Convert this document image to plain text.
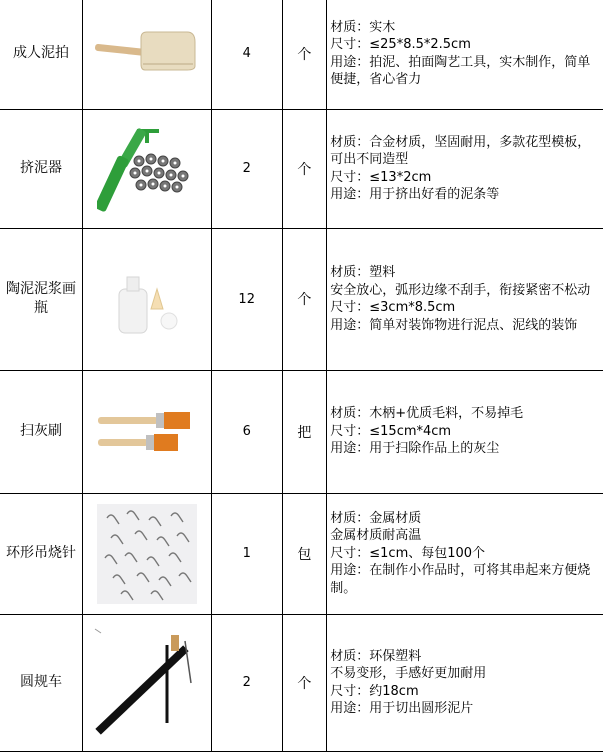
成人泥拍		4	个	材质：实木
尺寸：≤25*8.5*2.5cm
用途：拍泥、拍面陶艺工具，实木制作，简单便捷，省心省力

挤泥器		2	个	材质：合金材质，坚固耐用，多款花型模板，可出不同造型
尺寸：≤13*2cm
用途：用于挤出好看的泥条等

陶泥泥浆画瓶		12	个	材质：塑料
安全放心，弧形边缘不刮手，衔接紧密不松动
尺寸：≤3cm*8.5cm
用途：简单对装饰物进行泥点、泥线的装饰

扫灰刷		6	把	材质：木柄+优质毛料，不易掉毛
尺寸：≤15cm*4cm
用途：用于扫除作品上的灰尘

环形吊烧针		1	包	材质：金属材质
金属材质耐高温
尺寸：≤1cm、每包100个
用途：在制作小作品时，可将其串起来方便烧制。

圆规车		2	个	材质：环保塑料
不易变形，手感好更加耐用
尺寸：约18cm
用途：用于切出圆形泥片
